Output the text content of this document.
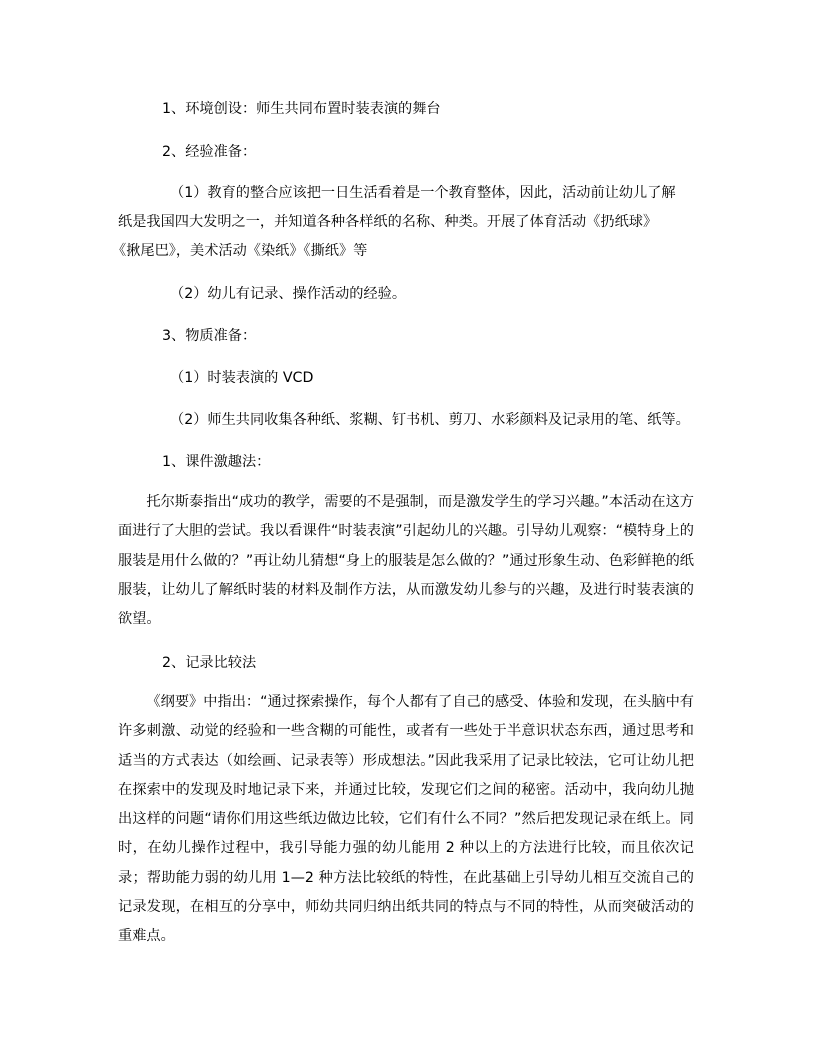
1、环境创设：师生共同布置时装表演的舞台
2、经验准备：
（1）教育的整合应该把一日生活看着是一个教育整体，因此，活动前让幼儿了解
纸是我国四大发明之一，并知道各种各样纸的名称、种类。开展了体育活动《扔纸球》
《揪尾巴》，美术活动《染纸》《撕纸》等
（2）幼儿有记录、操作活动的经验。
3、物质准备：
（1）时装表演的 VCD
（2）师生共同收集各种纸、浆糊、钉书机、剪刀、水彩颜料及记录用的笔、纸等。
1、课件激趣法：

托尔斯泰指出“成功的教学，需要的不是强制，而是激发学生的学习兴趣。”本活动在这方面进行了大胆的尝试。我以看课件“时装表演”引起幼儿的兴趣。引导幼儿观察：“模特身上的服装是用什么做的？”再让幼儿猜想“身上的服装是怎么做的？”通过形象生动、色彩鲜艳的纸服装，让幼儿了解纸时装的材料及制作方法，从而激发幼儿参与的兴趣，及进行时装表演的欲望。

2、记录比较法

《纲要》中指出：“通过探索操作，每个人都有了自己的感受、体验和发现，在头脑中有许多刺激、动觉的经验和一些含糊的可能性，或者有一些处于半意识状态东西，通过思考和适当的方式表达（如绘画、记录表等）形成想法。”因此我采用了记录比较法，它可让幼儿把在探索中的发现及时地记录下来，并通过比较，发现它们之间的秘密。活动中，我向幼儿抛出这样的问题“请你们用这些纸边做边比较，它们有什么不同？”然后把发现记录在纸上。同时，在幼儿操作过程中，我引导能力强的幼儿能用 2 种以上的方法进行比较，而且依次记录；帮助能力弱的幼儿用 1—2 种方法比较纸的特性，在此基础上引导幼儿相互交流自己的记录发现，在相互的分享中，师幼共同归纳出纸共同的特点与不同的特性，从而突破活动的重难点。
